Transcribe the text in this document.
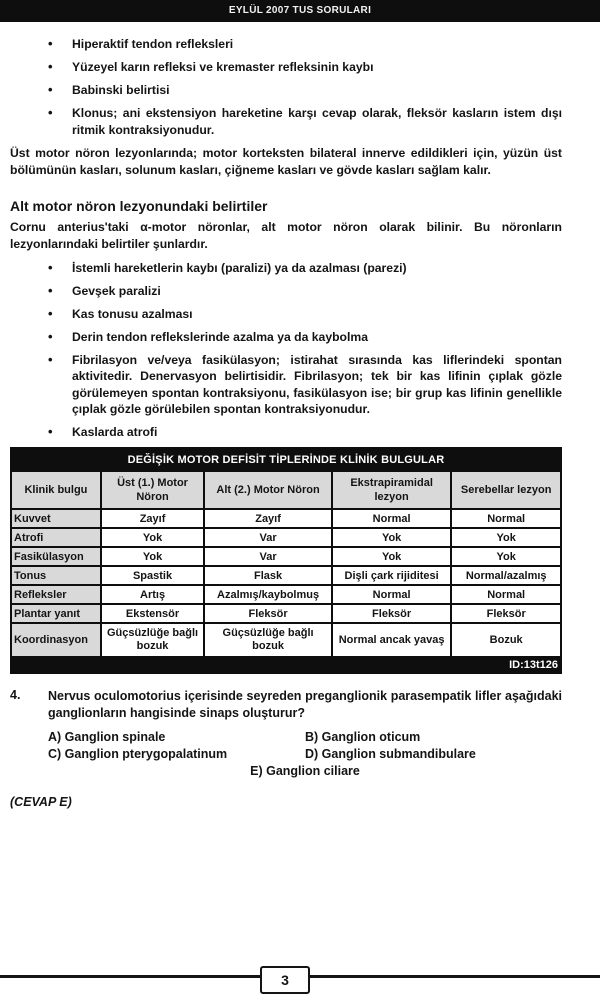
EYLÜL 2007 TUS SORULARI
• Hiperaktif tendon refleksleri
• Yüzeyel karın refleksi ve kremaster refleksinin kaybı
• Babinski belirtisi
• Klonus; ani ekstensiyon hareketine karşı cevap olarak, fleksör kasların istem dışı ritmik kontraksiyonudur.

Üst motor nöron lezyonlarında; motor korteksten bilateral innerve edildikleri için, yüzün üst bölümünün kasları, solunum kasları, çiğneme kasları ve gövde kasları sağlam kalır.

Alt motor nöron lezyonundaki belirtiler

Cornu anterius'taki α-motor nöronlar, alt motor nöron olarak bilinir. Bu nöronların lezyonlarındaki belirtiler şunlardır.

• İstemli hareketlerin kaybı (paralizi) ya da azalması (parezi)
• Gevşek paralizi
• Kas tonusu azalması
• Derin tendon reflekslerinde azalma ya da kaybolma
• Fibrilasyon ve/veya fasikülasyon; istirahat sırasında kas liflerindeki spontan aktivitedir. Denervasyon belirtisidir. Fibrilasyon; tek bir kas lifinin çıplak gözle görülemeyen spontan kontraksiyonu, fasikülasyon ise; bir grup kas lifinin genellikle çıplak gözle görülebilen spontan kontraksiyonudur.
• Kaslarda atrofi
DEĞİŞİK MOTOR DEFİSİT TİPLERİNDE KLİNİK BULGULAR				
Klinik bulgu	Üst (1.) Motor Nöron	Alt (2.) Motor Nöron	Ekstrapiramidal lezyon	Serebellar lezyon
Kuvvet	Zayıf	Zayıf	Normal	Normal
Atrofi	Yok	Var	Yok	Yok
Fasikülasyon	Yok	Var	Yok	Yok
Tonus	Spastik	Flask	Dişli çark rijiditesi	Normal/azalmış
Refleksler	Artış	Azalmış/kaybolmuş	Normal	Normal
Plantar yanıt	Ekstensör	Fleksör	Fleksör	Fleksör
Koordinasyon	Güçsüzlüğe bağlı bozuk	Güçsüzlüğe bağlı bozuk	Normal ancak yavaş	Bozuk
ID:13t126				
4.	Nervus oculomotorius içerisinde seyreden preganglionik parasempatik lifler aşağıdaki ganglionların hangisinde sinaps oluşturur?
A) Ganglion spinale	B) Ganglion oticum
C) Ganglion pterygopalatinum	D) Ganglion submandibulare
E) Ganglion ciliare
(CEVAP E)
3
